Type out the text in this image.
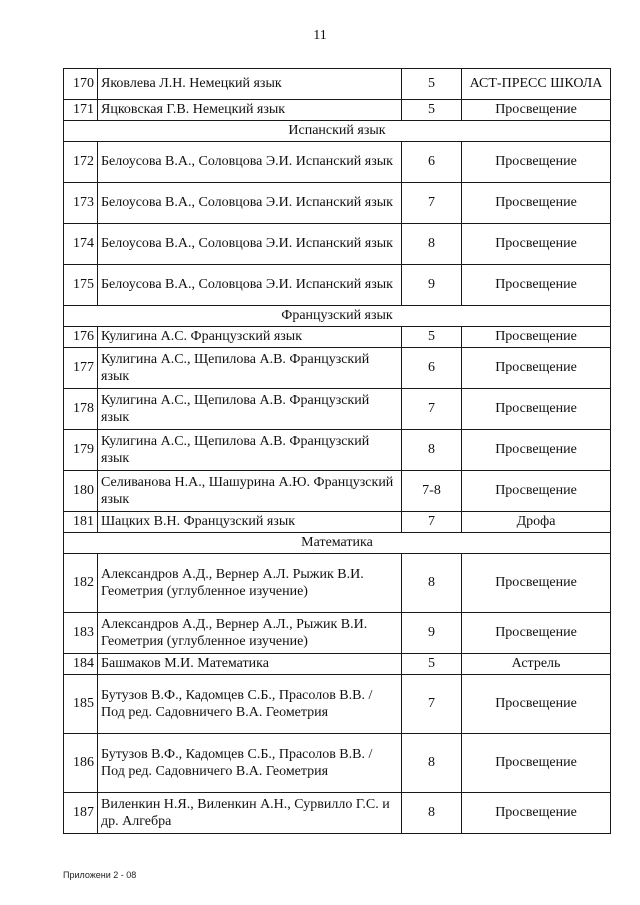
11
170	Яковлева Л.Н. Немецкий язык	5	АСТ-ПРЕСС ШКОЛА
171	Яцковская Г.В. Немецкий язык	5	Просвещение
Испанский язык			
172	Белоусова В.А., Соловцова Э.И. Испанский язык	6	Просвещение
173	Белоусова В.А., Соловцова Э.И. Испанский язык	7	Просвещение
174	Белоусова В.А., Соловцова Э.И. Испанский язык	8	Просвещение
175	Белоусова В.А., Соловцова Э.И. Испанский язык	9	Просвещение
Французский язык			
176	Кулигина А.С. Французский язык	5	Просвещение
177	Кулигина А.С., Щепилова А.В. Французский язык	6	Просвещение
178	Кулигина А.С., Щепилова А.В. Французский язык	7	Просвещение
179	Кулигина А.С., Щепилова А.В. Французский язык	8	Просвещение
180	Селиванова Н.А., Шашурина А.Ю. Французский язык	7-8	Просвещение
181	Шацких В.Н. Французский язык	7	Дрофа
Математика			
182	Александров А.Д., Вернер А.Л. Рыжик В.И. Геометрия (углубленное изучение)	8	Просвещение
183	Александров А.Д., Вернер А.Л., Рыжик В.И. Геометрия (углубленное изучение)	9	Просвещение
184	Башмаков М.И. Математика	5	Астрель
185	Бутузов В.Ф., Кадомцев С.Б., Прасолов В.В. / Под ред. Садовничего В.А. Геометрия	7	Просвещение
186	Бутузов В.Ф., Кадомцев С.Б., Прасолов В.В. / Под ред. Садовничего В.А. Геометрия	8	Просвещение
187	Виленкин Н.Я., Виленкин А.Н., Сурвилло Г.С. и др. Алгебра	8	Просвещение
Приложени 2 - 08
